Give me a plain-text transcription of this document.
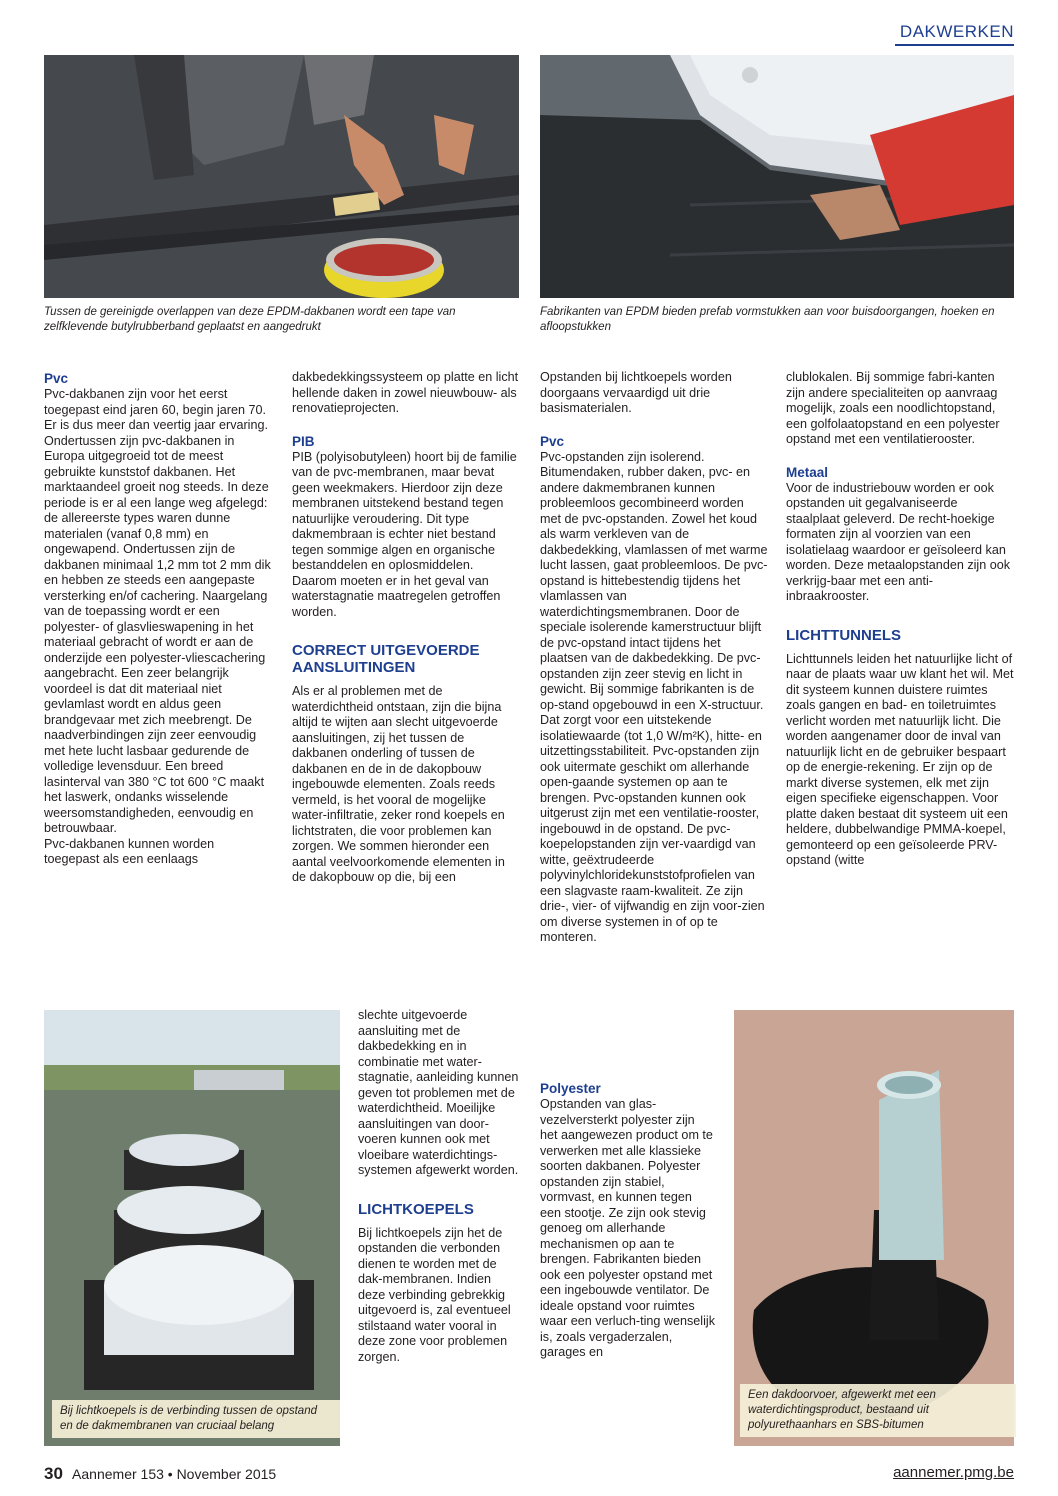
DAKWERKEN
Tussen de gereinigde overlappen van deze EPDM-dakbanen wordt een tape van zelfklevende butylrubberband geplaatst en aangedrukt
Fabrikanten van EPDM bieden prefab vormstukken aan voor buisdoorgangen, hoeken en afloopstukken
Pvc

Pvc-dakbanen zijn voor het eerst toegepast eind jaren 60, begin jaren 70. Er is dus meer dan veertig jaar ervaring. Ondertussen zijn pvc-dakbanen in Europa uitgegroeid tot de meest gebruikte kunststof dakbanen. Het marktaandeel groeit nog steeds. In deze periode is er al een lange weg afgelegd: de allereerste types waren dunne materialen (vanaf 0,8 mm) en ongewapend. Ondertussen zijn de dakbanen minimaal 1,2 mm tot 2 mm dik en hebben ze steeds een aangepaste versterking en/of cachering. Naargelang van de toepassing wordt er een polyester- of glasvlieswapening in het materiaal gebracht of wordt er aan de onderzijde een polyester-vliescachering aangebracht. Een zeer belangrijk voordeel is dat dit materiaal niet gevlamlast wordt en aldus geen brandgevaar met zich meebrengt. De naadverbindingen zijn zeer eenvoudig met hete lucht lasbaar gedurende de volledige levensduur. Een breed lasinterval van 380 °C tot 600 °C maakt het laswerk, ondanks wisselende weersomstandigheden, eenvoudig en betrouwbaar.

Pvc-dakbanen kunnen worden toegepast als een eenlaags

dakbedekkingssysteem op platte en licht hellende daken in zowel nieuwbouw- als renovatieprojecten.

PIB

PIB (polyisobutyleen) hoort bij de familie van de pvc-membranen, maar bevat geen weekmakers. Hierdoor zijn deze membranen uitstekend bestand tegen natuurlijke veroudering. Dit type dakmembraan is echter niet bestand tegen sommige algen en organische bestanddelen en oplosmiddelen. Daarom moeten er in het geval van waterstagnatie maatregelen getroffen worden.

CORRECT UITGEVOERDE AANSLUITINGEN

Als er al problemen met de waterdichtheid ontstaan, zijn die bijna altijd te wijten aan slecht uitgevoerde aansluitingen, zij het tussen de dakbanen onderling of tussen de dakbanen en de in de dakopbouw ingebouwde elementen. Zoals reeds vermeld, is het vooral de mogelijke water-infiltratie, zeker rond koepels en lichtstraten, die voor problemen kan zorgen. We sommen hieronder een aantal veelvoorkomende elementen in de dakopbouw op die, bij een

slechte uitgevoerde aansluiting met de dakbedekking en in combinatie met water-stagnatie, aanleiding kunnen geven tot problemen met de waterdichtheid. Moeilijke aansluitingen van door-voeren kunnen ook met vloeibare waterdichtings-systemen afgewerkt worden.

LICHTKOEPELS

Bij lichtkoepels zijn het de opstanden die verbonden dienen te worden met de dak-membranen. Indien deze verbinding gebrekkig uitgevoerd is, zal eventueel stilstaand water vooral in deze zone voor problemen zorgen.

Opstanden bij lichtkoepels worden doorgaans vervaardigd uit drie basismaterialen.

Pvc

Pvc-opstanden zijn isolerend. Bitumendaken, rubber daken, pvc- en andere dakmembranen kunnen probleemloos gecombineerd worden met de pvc-opstanden. Zowel het koud als warm verkleven van de dakbedekking, vlamlassen of met warme lucht lassen, gaat probleemloos. De pvc-opstand is hittebestendig tijdens het vlamlassen van waterdichtingsmembranen. Door de speciale isolerende kamerstructuur blijft de pvc-opstand intact tijdens het plaatsen van de dakbedekking. De pvc-opstanden zijn zeer stevig en licht in gewicht. Bij sommige fabrikanten is de op-stand opgebouwd in een X-structuur. Dat zorgt voor een uitstekende isolatiewaarde (tot 1,0 W/m²K), hitte- en uitzettingsstabiliteit. Pvc-opstanden zijn ook uitermate geschikt om allerhande open-gaande systemen op aan te brengen. Pvc-opstanden kunnen ook uitgerust zijn met een ventilatie-rooster, ingebouwd in de opstand. De pvc-koepelopstanden zijn ver-vaardigd van witte, geëxtrudeerde polyvinylchloridekunststofprofielen van een slagvaste raam-kwaliteit. Ze zijn drie-, vier- of vijfwandig en zijn voor-zien om diverse systemen in of op te monteren.

Polyester

Opstanden van glas-vezelversterkt polyester zijn het aangewezen product om te verwerken met alle klassieke soorten dakbanen. Polyester opstanden zijn stabiel, vormvast, en kunnen tegen een stootje. Ze zijn ook stevig genoeg om allerhande mechanismen op aan te brengen. Fabrikanten bieden ook een polyester opstand met een ingebouwde ventilator. De ideale opstand voor ruimtes waar een verluch-ting wenselijk is, zoals vergaderzalen, garages en

clublokalen. Bij sommige fabri-kanten zijn andere specialiteiten op aanvraag mogelijk, zoals een noodlichtopstand, een golfolaatopstand en een polyester opstand met een ventilatierooster.

Metaal

Voor de industriebouw worden er ook opstanden uit gegalvaniseerde staalplaat geleverd. De recht-hoekige formaten zijn al voorzien van een isolatielaag waardoor er geïsoleerd kan worden. Deze metaalopstanden zijn ook verkrijg-baar met een anti-inbraakrooster.

LICHTTUNNELS

Lichttunnels leiden het natuurlijke licht of naar de plaats waar uw klant het wil. Met dit systeem kunnen duistere ruimtes zoals gangen en bad- en toiletruimtes verlicht worden met natuurlijk licht. Die worden aangenamer door de inval van natuurlijk licht en de gebruiker bespaart op de energie-rekening. Er zijn op de markt diverse systemen, elk met zijn eigen specifieke eigenschappen. Voor platte daken bestaat dit systeem uit een heldere, dubbelwandige PMMA-koepel, gemonteerd op een geïsoleerde PRV-opstand (witte

Bij lichtkoepels is de verbinding tussen de opstand en de dakmembranen van cruciaal belang
Een dakdoorvoer, afgewerkt met een waterdichtingsproduct, bestaand uit polyurethaanhars en SBS-bitumen
30 Aannemer 153 • November 2015	aannemer.pmg.be
